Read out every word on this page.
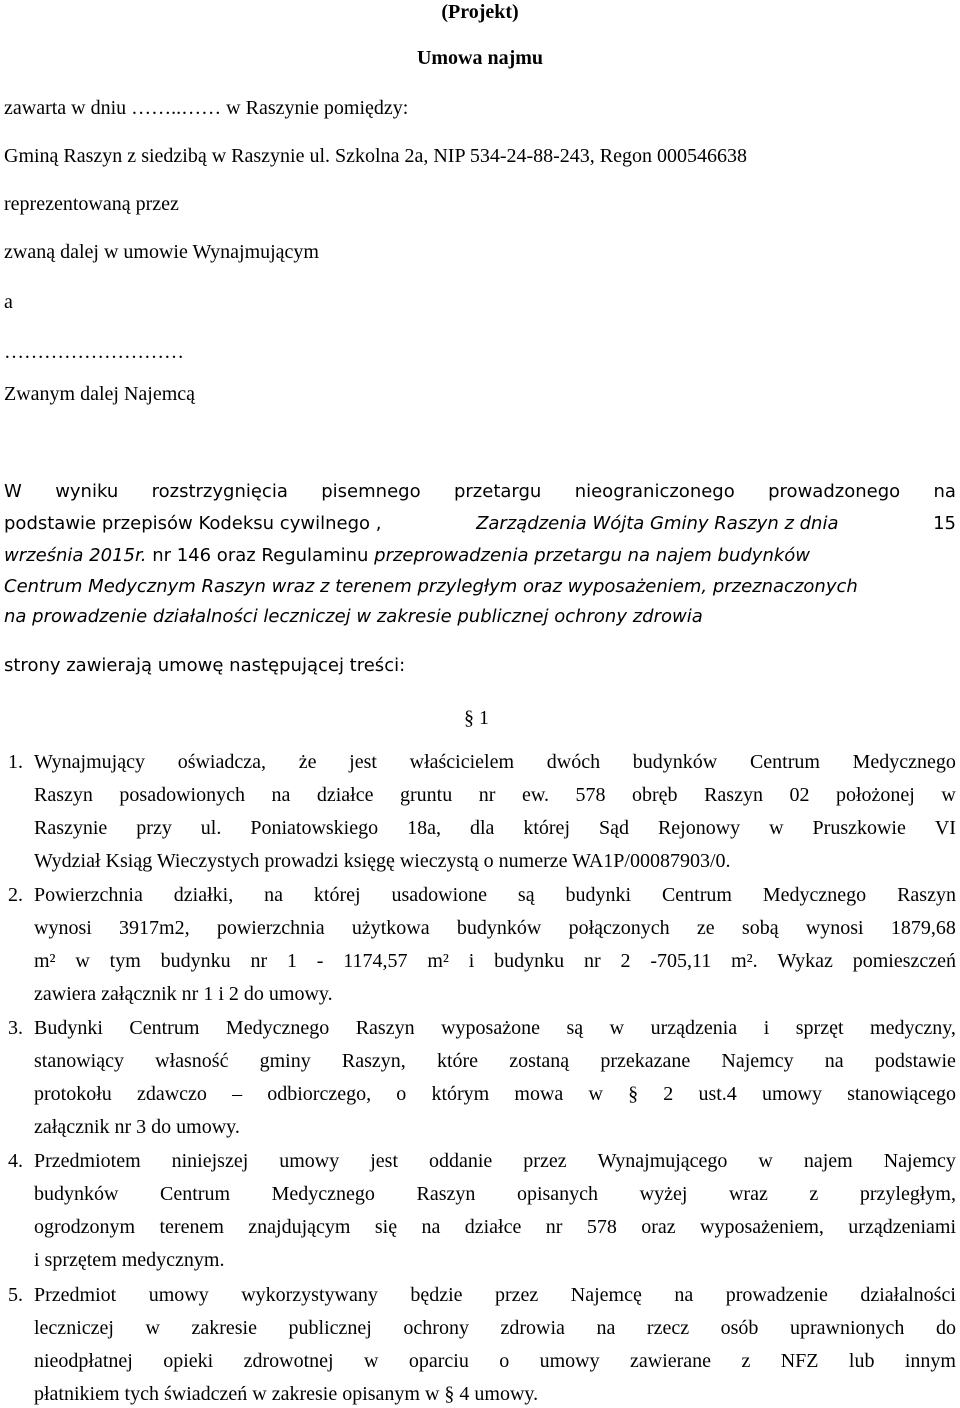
(Projekt)
Umowa najmu
zawarta w dniu ……..…… w Raszynie pomiędzy:
Gminą Raszyn z siedzibą w Raszynie ul. Szkolna 2a, NIP 534-24-88-243, Regon 000546638
reprezentowaną przez
zwaną dalej w umowie Wynajmującym
a
………………………
Zwanym dalej Najemcą
W wyniku rozstrzygnięcia pisemnego przetargu nieograniczonego prowadzonego na
podstawie przepisów Kodeksu cywilnego ,	Zarządzenia Wójta Gminy Raszyn z dnia	15
września 2015r. nr 146 oraz Regulaminu przeprowadzenia przetargu na najem budynków
Centrum Medycznym Raszyn wraz z terenem przyległym oraz wyposażeniem, przeznaczonych
na prowadzenie działalności leczniczej w zakresie publicznej ochrony zdrowia
strony zawierają umowę następującej treści:
§ 1
1. Wynajmujący oświadcza, że jest właścicielem dwóch budynków Centrum Medycznego
Raszyn posadowionych na działce gruntu nr ew. 578 obręb Raszyn 02 położonej w
Raszynie przy ul. Poniatowskiego 18a, dla której Sąd Rejonowy w Pruszkowie VI
Wydział Ksiąg Wieczystych prowadzi księgę wieczystą o numerze WA1P/00087903/0.
2. Powierzchnia działki, na której usadowione są budynki Centrum Medycznego Raszyn
wynosi 3917m2, powierzchnia użytkowa budynków połączonych ze sobą wynosi 1879,68
m² w tym budynku nr 1 - 1174,57 m² i budynku nr 2 -705,11 m². Wykaz pomieszczeń
zawiera załącznik nr 1 i 2 do umowy.
3. Budynki Centrum Medycznego Raszyn wyposażone są w urządzenia i sprzęt medyczny,
stanowiący własność gminy Raszyn, które zostaną przekazane Najemcy na podstawie
protokołu zdawczo – odbiorczego, o którym mowa w § 2 ust.4 umowy stanowiącego
załącznik nr 3 do umowy.
4. Przedmiotem niniejszej umowy jest oddanie przez Wynajmującego w najem Najemcy
budynków Centrum Medycznego Raszyn opisanych wyżej wraz z przyległym,
ogrodzonym terenem znajdującym się na działce nr 578 oraz wyposażeniem, urządzeniami
i sprzętem medycznym.
5. Przedmiot umowy wykorzystywany będzie przez Najemcę na prowadzenie działalności
leczniczej w zakresie publicznej ochrony zdrowia na rzecz osób uprawnionych do
nieodpłatnej opieki zdrowotnej w oparciu o umowy zawierane z NFZ lub innym
płatnikiem tych świadczeń w zakresie opisanym w § 4 umowy.
